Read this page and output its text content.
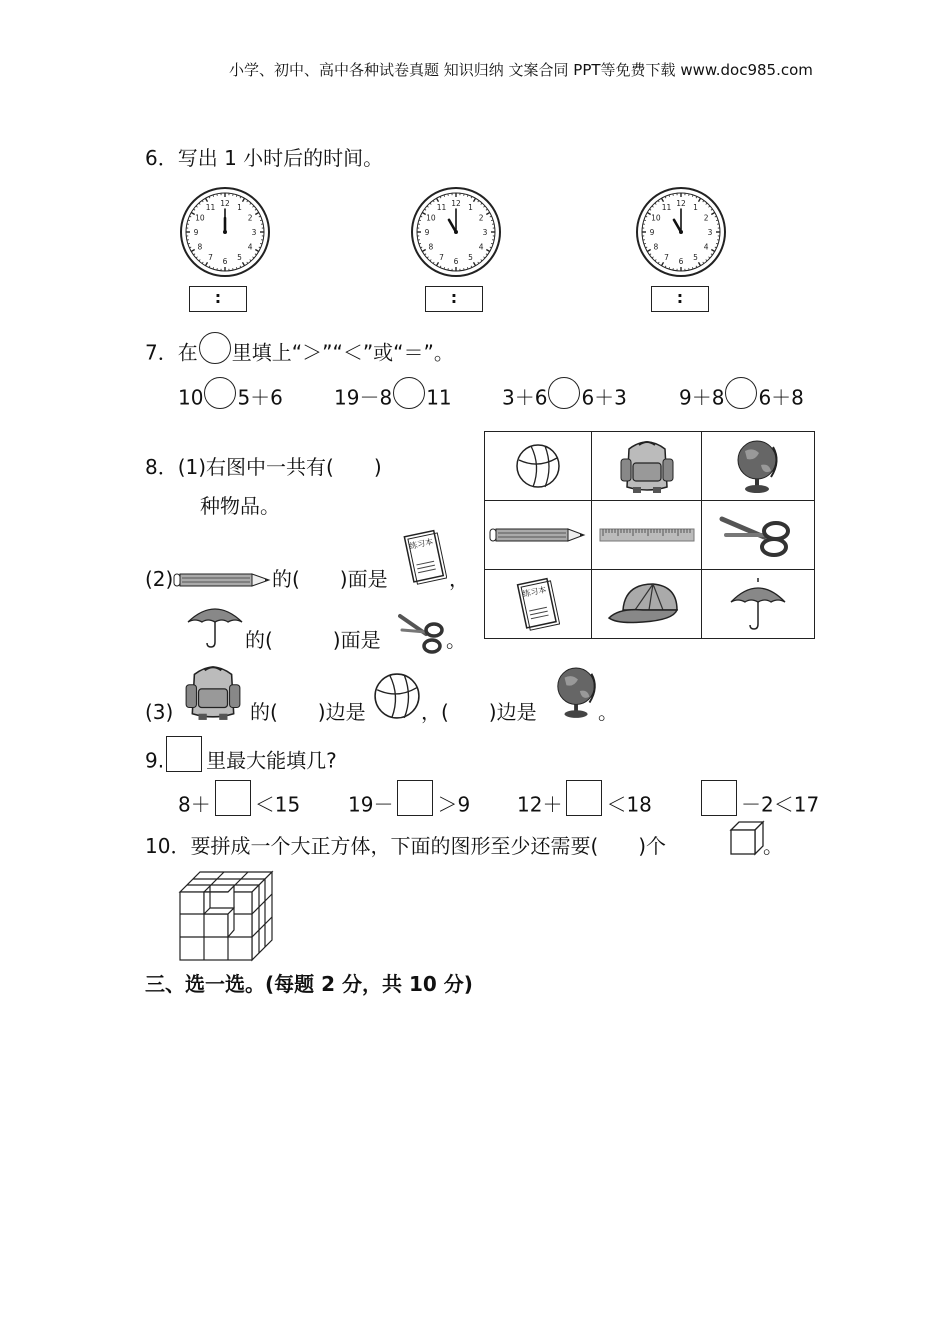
小学、初中、高中各种试卷真题 知识归纳 文案合同 PPT等免费下载 www.doc985.com
6．写出 1 小时后的时间。
1
2
3
4
5
6
7
8
9
10
11 12	1
2
3
4
5
6
7
8
9
10
11 12	1
2
3
4
5
6
7
8
9
10
11 12
:	:	:
7．在 里填上“＞”“＜”或“＝”。
10 5＋6	19－8 11	3＋6 6＋3	9＋8 6＋8
8．(1)右图中一共有(　　)
种物品。
练习本
(2)	的(　　)面是
练习本
，
的(　　　)面是	。
(3)	的(　　)边是	，(　　)边是	。
9. 里最大能填几?
8＋ ＜15 19－ ＞9 12＋ ＜18	－2＜17
10．要拼成一个大正方体，下面的图形至少还需要(　　)个	。
三、选一选。(每题 2 分，共 10 分)
